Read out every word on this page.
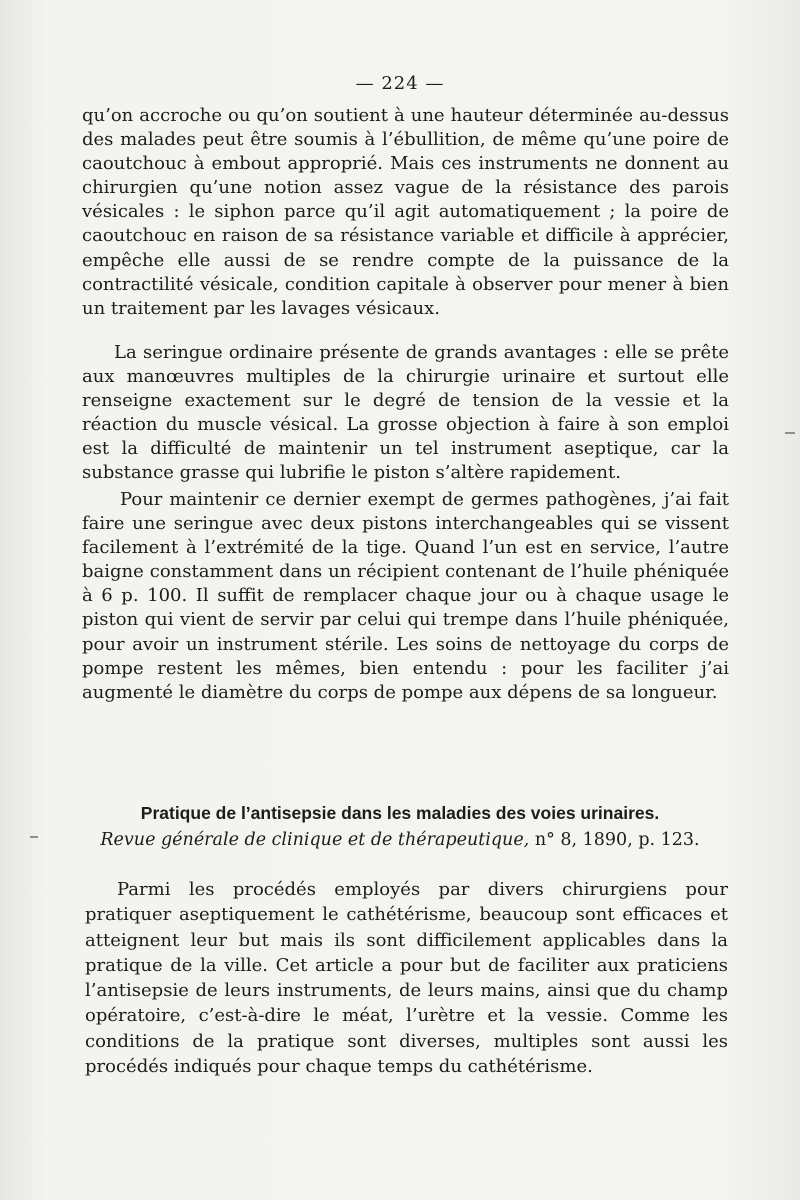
— 224 —

qu’on accroche ou qu’on soutient à une hauteur déterminée au-dessus des malades peut être soumis à l’ébullition, de même qu’une poire de caoutchouc à embout approprié. Mais ces instruments ne donnent au chirurgien qu’une notion assez vague de la résistance des parois vésicales : le siphon parce qu’il agit automatiquement ; la poire de caoutchouc en raison de sa résistance variable et difficile à apprécier, empêche elle aussi de se rendre compte de la puissance de la contractilité vésicale, condition capitale à observer pour mener à bien un traitement par les lavages vésicaux.

La seringue ordinaire présente de grands avantages : elle se prête aux manœuvres multiples de la chirurgie urinaire et surtout elle renseigne exactement sur le degré de tension de la vessie et la réaction du muscle vésical. La grosse objection à faire à son emploi est la difficulté de maintenir un tel instrument aseptique, car la substance grasse qui lubrifie le piston s’altère rapidement.

Pour maintenir ce dernier exempt de germes pathogènes, j’ai fait faire une seringue avec deux pistons interchangeables qui se vissent facilement à l’extrémité de la tige. Quand l’un est en service, l’autre baigne constamment dans un récipient contenant de l’huile phéniquée à 6 p. 100. Il suffit de remplacer chaque jour ou à chaque usage le piston qui vient de servir par celui qui trempe dans l’huile phéniquée, pour avoir un instrument stérile. Les soins de nettoyage du corps de pompe restent les mêmes, bien entendu : pour les faciliter j’ai augmenté le diamètre du corps de pompe aux dépens de sa longueur.

Pratique de l’antisepsie dans les maladies des voies urinaires.

Revue générale de clinique et de thérapeutique, n° 8, 1890, p. 123.

Parmi les procédés employés par divers chirurgiens pour pratiquer aseptiquement le cathétérisme, beaucoup sont efficaces et atteignent leur but mais ils sont difficilement applicables dans la pratique de la ville. Cet article a pour but de faciliter aux praticiens l’antisepsie de leurs instruments, de leurs mains, ainsi que du champ opératoire, c’est-à-dire le méat, l’urètre et la vessie. Comme les conditions de la pratique sont diverses, multiples sont aussi les procédés indiqués pour chaque temps du cathétérisme.
